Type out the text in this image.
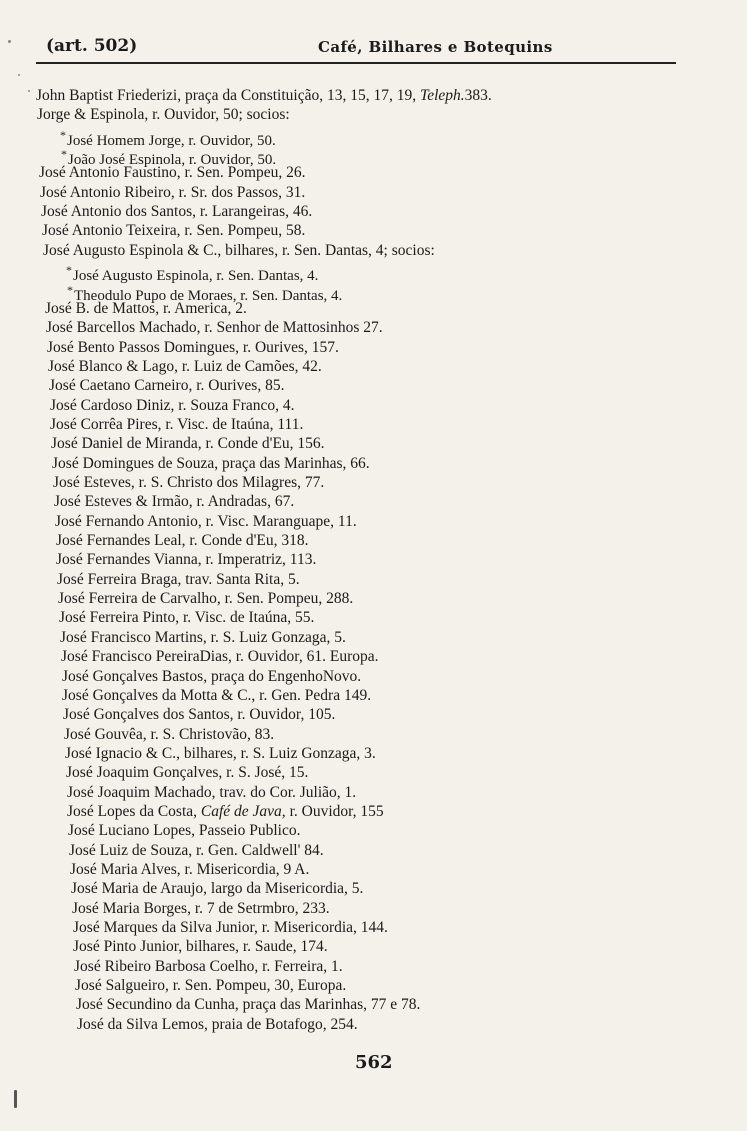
(art. 502)	Café, Bilhares e Botequins
John Baptist Friederizi, praça da Constituição, 13, 15, 17, 19, Teleph.383.
Jorge & Espinola, r. Ouvidor, 50; socios:
*José Homem Jorge, r. Ouvidor, 50.
*João José Espinola, r. Ouvidor, 50.
José Antonio Faustino, r. Sen. Pompeu, 26.
José Antonio Ribeiro, r. Sr. dos Passos, 31.
José Antonio dos Santos, r. Larangeiras, 46.
José Antonio Teixeira, r. Sen. Pompeu, 58.
José Augusto Espinola & C., bilhares, r. Sen. Dantas, 4; socios:
*José Augusto Espinola, r. Sen. Dantas, 4.
*Theodulo Pupo de Moraes, r. Sen. Dantas, 4.
José B. de Mattos, r. America, 2.
José Barcellos Machado, r. Senhor de Mattosinhos 27.
José Bento Passos Domingues, r. Ourives, 157.
José Blanco & Lago, r. Luiz de Camões, 42.
José Caetano Carneiro, r. Ourives, 85.
José Cardoso Diniz, r. Souza Franco, 4.
José Corrêa Pires, r. Visc. de Itaúna, 111.
José Daniel de Miranda, r. Conde d'Eu, 156.
José Domingues de Souza, praça das Marinhas, 66.
José Esteves, r. S. Christo dos Milagres, 77.
José Esteves & Irmão, r. Andradas, 67.
José Fernando Antonio, r. Visc. Maranguape, 11.
José Fernandes Leal, r. Conde d'Eu, 318.
José Fernandes Vianna, r. Imperatriz, 113.
José Ferreira Braga, trav. Santa Rita, 5.
José Ferreira de Carvalho, r. Sen. Pompeu, 288.
José Ferreira Pinto, r. Visc. de Itaúna, 55.
José Francisco Martins, r. S. Luiz Gonzaga, 5.
José Francisco PereiraDias, r. Ouvidor, 61. Europa.
José Gonçalves Bastos, praça do EngenhoNovo.
José Gonçalves da Motta & C., r. Gen. Pedra 149.
José Gonçalves dos Santos, r. Ouvidor, 105.
José Gouvêa, r. S. Christovão, 83.
José Ignacio & C., bilhares, r. S. Luiz Gonzaga, 3.
José Joaquim Gonçalves, r. S. José, 15.
José Joaquim Machado, trav. do Cor. Julião, 1.
José Lopes da Costa, Café de Java, r. Ouvidor, 155
José Luciano Lopes, Passeio Publico.
José Luiz de Souza, r. Gen. Caldwell' 84.
José Maria Alves, r. Misericordia, 9 A.
José Maria de Araujo, largo da Misericordia, 5.
José Maria Borges, r. 7 de Setrmbro, 233.
José Marques da Silva Junior, r. Misericordia, 144.
José Pinto Junior, bilhares, r. Saude, 174.
José Ribeiro Barbosa Coelho, r. Ferreira, 1.
José Salgueiro, r. Sen. Pompeu, 30, Europa.
José Secundino da Cunha, praça das Marinhas, 77 e 78.
José da Silva Lemos, praia de Botafogo, 254.
562
